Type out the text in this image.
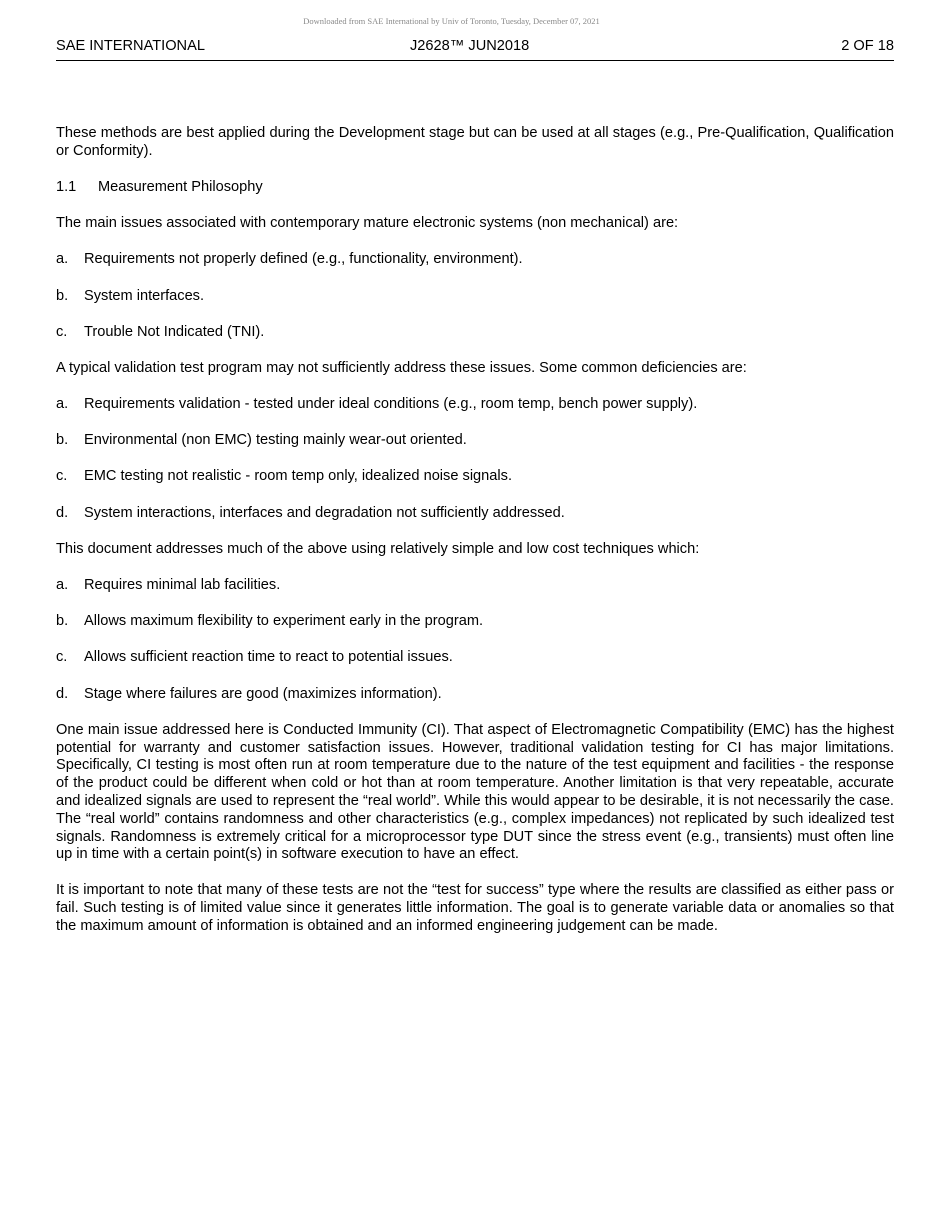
Downloaded from SAE International by Univ of Toronto, Tuesday, December 07, 2021
SAE INTERNATIONAL	J2628™ JUN2018	2 OF 18

These methods are best applied during the Development stage but can be used at all stages (e.g., Pre-Qualification, Qualification or Conformity).

1.1	Measurement Philosophy

The main issues associated with contemporary mature electronic systems (non mechanical) are:

a.	Requirements not properly defined (e.g., functionality, environment).
b.	System interfaces.
c.	Trouble Not Indicated (TNI).

A typical validation test program may not sufficiently address these issues. Some common deficiencies are:

a.	Requirements validation - tested under ideal conditions (e.g., room temp, bench power supply).
b.	Environmental (non EMC) testing mainly wear-out oriented.
c.	EMC testing not realistic - room temp only, idealized noise signals.
d.	System interactions, interfaces and degradation not sufficiently addressed.

This document addresses much of the above using relatively simple and low cost techniques which:

a.	Requires minimal lab facilities.
b.	Allows maximum flexibility to experiment early in the program.
c.	Allows sufficient reaction time to react to potential issues.
d.	Stage where failures are good (maximizes information).

One main issue addressed here is Conducted Immunity (CI). That aspect of Electromagnetic Compatibility (EMC) has the highest potential for warranty and customer satisfaction issues. However, traditional validation testing for CI has major limitations. Specifically, CI testing is most often run at room temperature due to the nature of the test equipment and facilities - the response of the product could be different when cold or hot than at room temperature. Another limitation is that very repeatable, accurate and idealized signals are used to represent the “real world”. While this would appear to be desirable, it is not necessarily the case. The “real world” contains randomness and other characteristics (e.g., complex impedances) not replicated by such idealized test signals. Randomness is extremely critical for a microprocessor type DUT since the stress event (e.g., transients) must often line up in time with a certain point(s) in software execution to have an effect.

It is important to note that many of these tests are not the “test for success” type where the results are classified as either pass or fail. Such testing is of limited value since it generates little information. The goal is to generate variable data or anomalies so that the maximum amount of information is obtained and an informed engineering judgement can be made.
